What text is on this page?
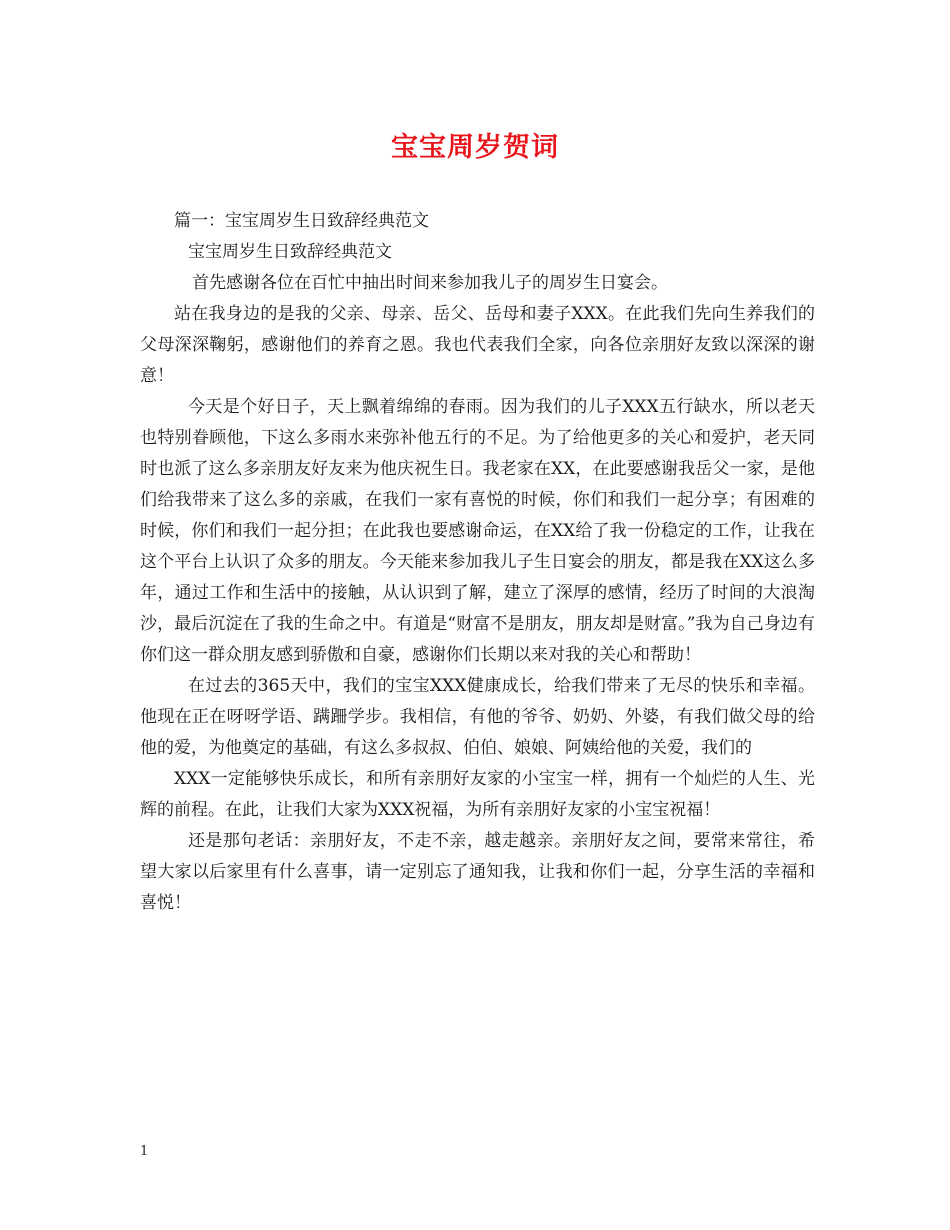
宝宝周岁贺词

篇一：宝宝周岁生日致辞经典范文

宝宝周岁生日致辞经典范文

首先感谢各位在百忙中抽出时间来参加我儿子的周岁生日宴会。

站在我身边的是我的父亲、母亲、岳父、岳母和妻子XXX。在此我们先向生养我们的父母深深鞠躬，感谢他们的养育之恩。我也代表我们全家，向各位亲朋好友致以深深的谢意！

今天是个好日子，天上飘着绵绵的春雨。因为我们的儿子XXX五行缺水，所以老天也特别眷顾他，下这么多雨水来弥补他五行的不足。为了给他更多的关心和爱护，老天同时也派了这么多亲朋友好友来为他庆祝生日。我老家在XX，在此要感谢我岳父一家，是他们给我带来了这么多的亲戚，在我们一家有喜悦的时候，你们和我们一起分享；有困难的时候，你们和我们一起分担；在此我也要感谢命运，在XX给了我一份稳定的工作，让我在这个平台上认识了众多的朋友。今天能来参加我儿子生日宴会的朋友，都是我在XX这么多年，通过工作和生活中的接触，从认识到了解，建立了深厚的感情，经历了时间的大浪淘沙，最后沉淀在了我的生命之中。有道是“财富不是朋友，朋友却是财富。”我为自己身边有你们这一群众朋友感到骄傲和自豪，感谢你们长期以来对我的关心和帮助！

在过去的365天中，我们的宝宝XXX健康成长，给我们带来了无尽的快乐和幸福。他现在正在呀呀学语、蹒跚学步。我相信，有他的爷爷、奶奶、外婆，有我们做父母的给他的爱，为他奠定的基础，有这么多叔叔、伯伯、娘娘、阿姨给他的关爱，我们的

XXX一定能够快乐成长，和所有亲朋好友家的小宝宝一样，拥有一个灿烂的人生、光辉的前程。在此，让我们大家为XXX祝福，为所有亲朋好友家的小宝宝祝福！

还是那句老话：亲朋好友，不走不亲，越走越亲。亲朋好友之间，要常来常往，希望大家以后家里有什么喜事，请一定别忘了通知我，让我和你们一起，分享生活的幸福和喜悦！

1
